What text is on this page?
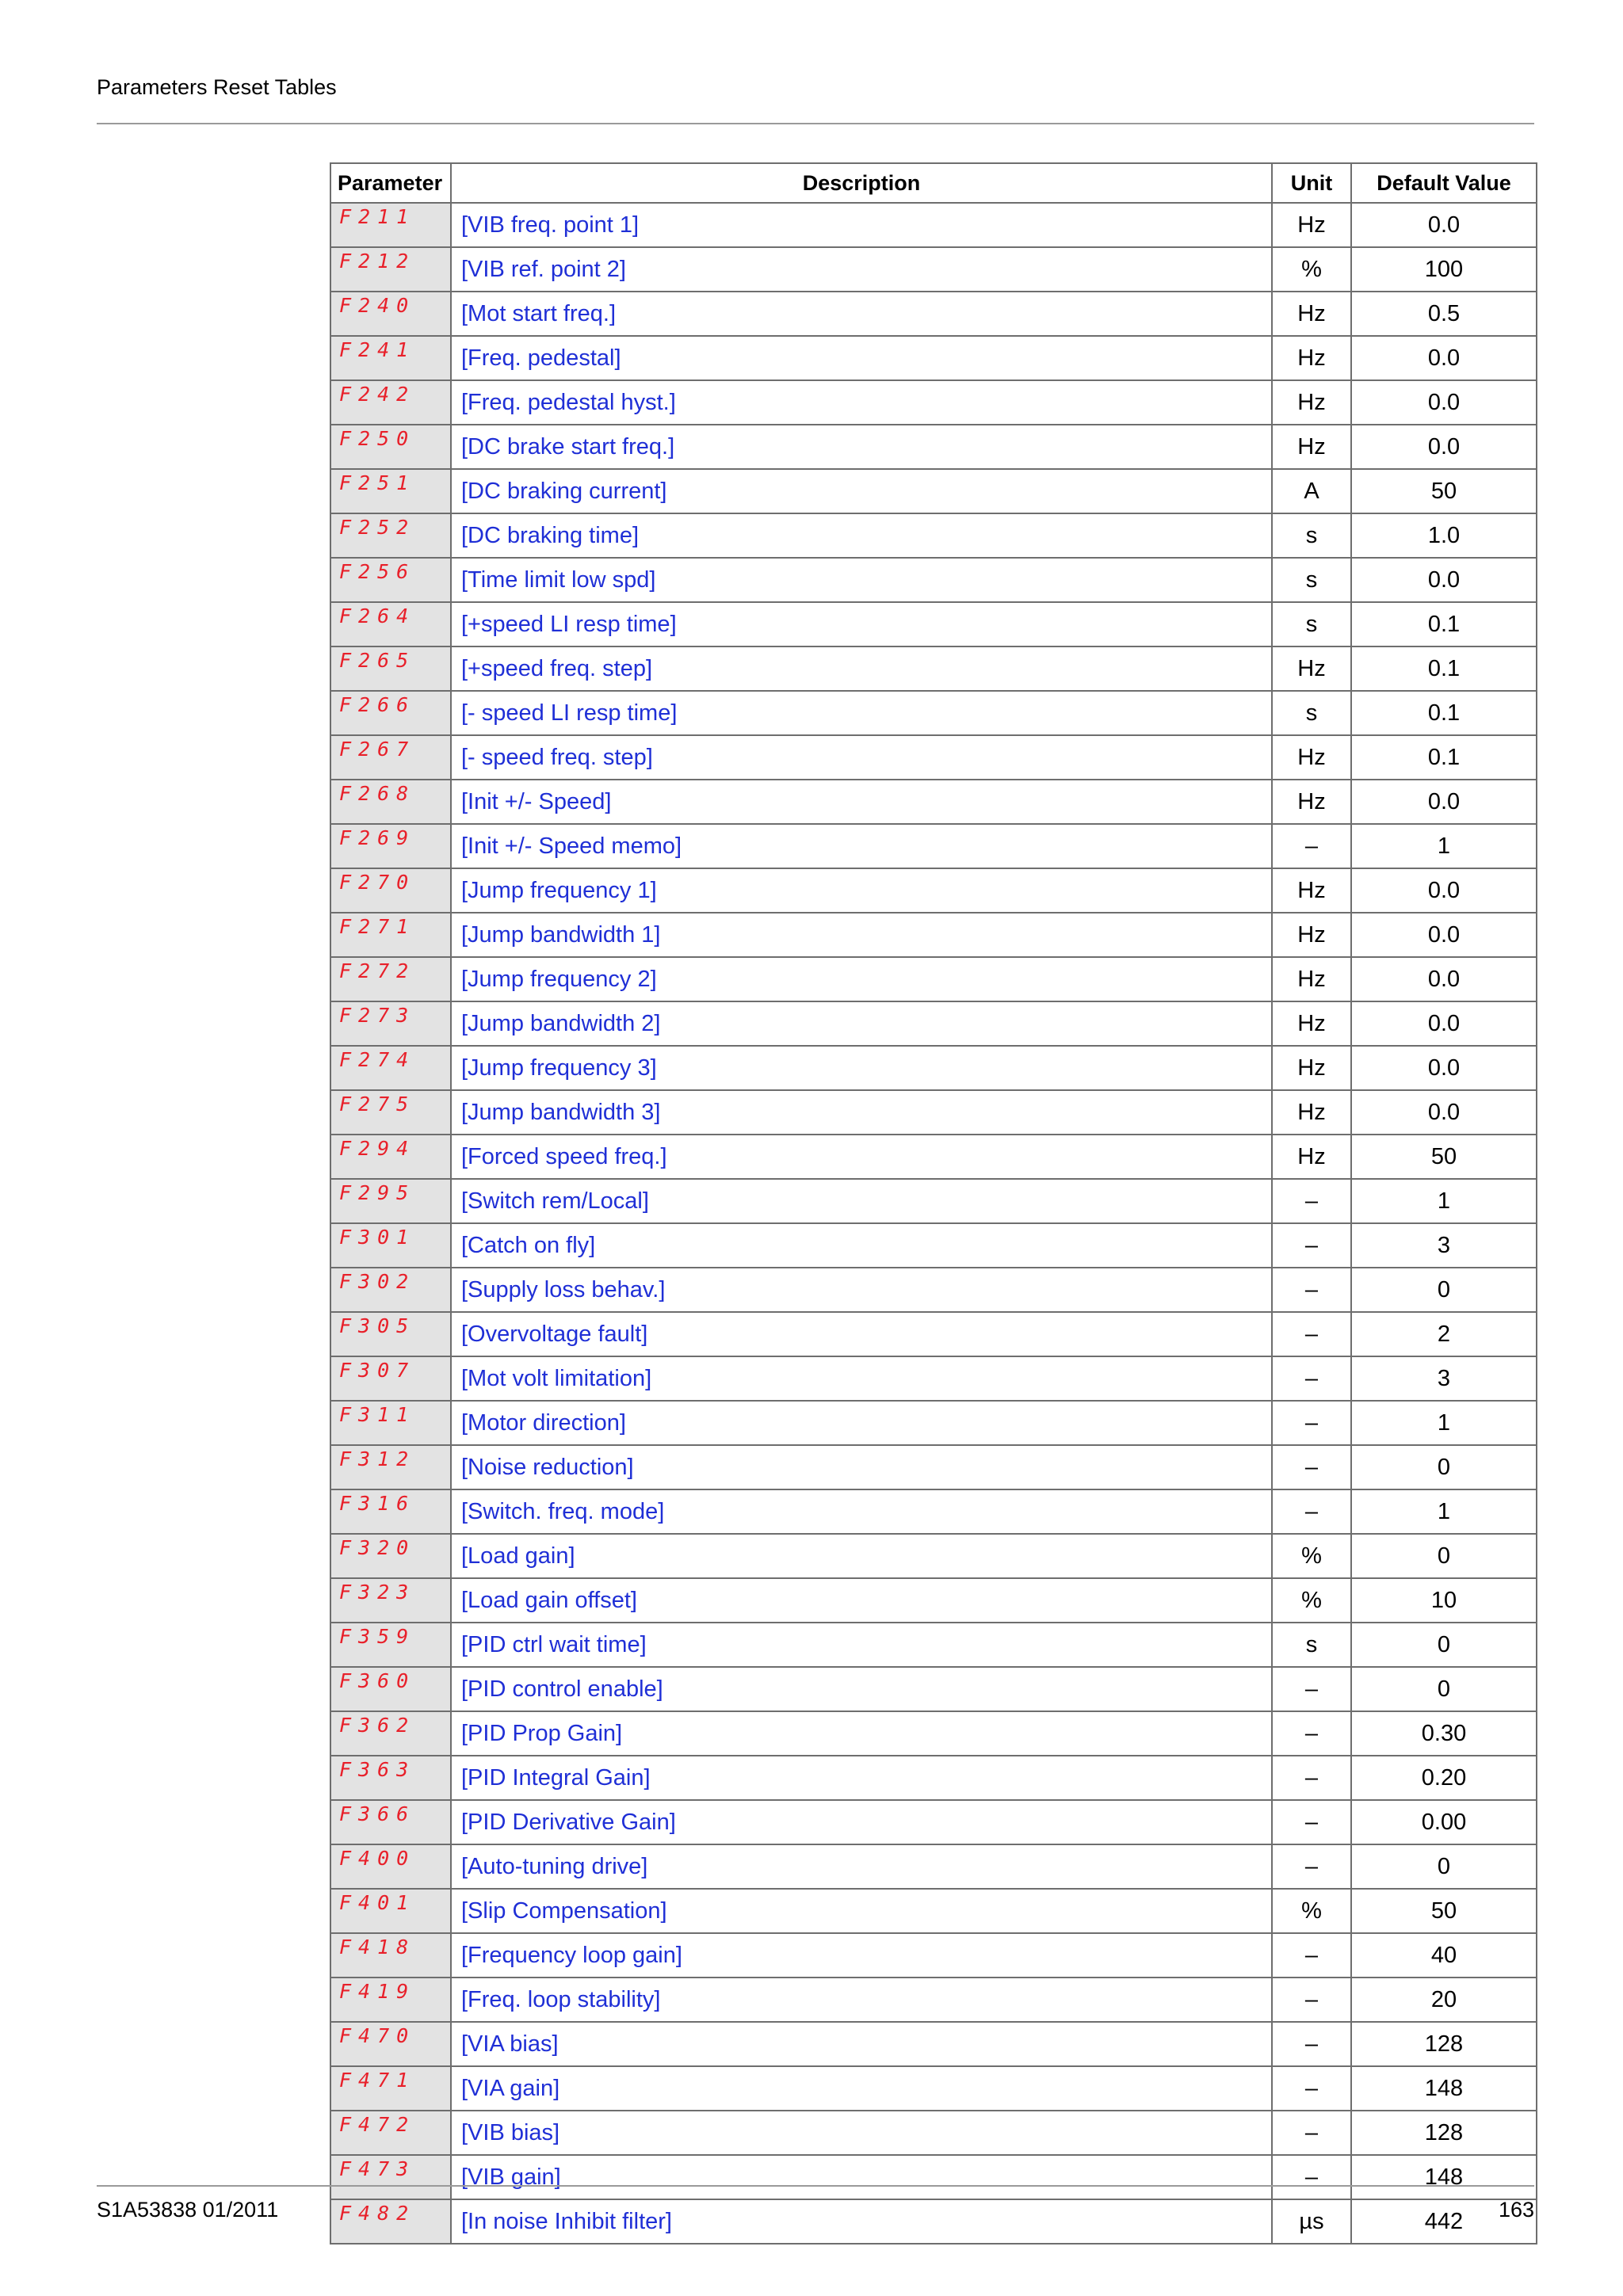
Parameters Reset Tables
Parameter	Description	Unit	Default Value
F211	[VIB freq. point 1]	Hz	0.0
F212	[VIB ref. point 2]	%	100
F240	[Mot start freq.]	Hz	0.5
F241	[Freq. pedestal]	Hz	0.0
F242	[Freq. pedestal hyst.]	Hz	0.0
F250	[DC brake start freq.]	Hz	0.0
F251	[DC braking current]	A	50
F252	[DC braking time]	s	1.0
F256	[Time limit low spd]	s	0.0
F264	[+speed LI resp time]	s	0.1
F265	[+speed freq. step]	Hz	0.1
F266	[- speed LI resp time]	s	0.1
F267	[- speed freq. step]	Hz	0.1
F268	[Init +/- Speed]	Hz	0.0
F269	[Init +/- Speed memo]	–	1
F270	[Jump frequency 1]	Hz	0.0
F271	[Jump bandwidth 1]	Hz	0.0
F272	[Jump frequency 2]	Hz	0.0
F273	[Jump bandwidth 2]	Hz	0.0
F274	[Jump frequency 3]	Hz	0.0
F275	[Jump bandwidth 3]	Hz	0.0
F294	[Forced speed freq.]	Hz	50
F295	[Switch rem/Local]	–	1
F301	[Catch on fly]	–	3
F302	[Supply loss behav.]	–	0
F305	[Overvoltage fault]	–	2
F307	[Mot volt limitation]	–	3
F311	[Motor direction]	–	1
F312	[Noise reduction]	–	0
F316	[Switch. freq. mode]	–	1
F320	[Load gain]	%	0
F323	[Load gain offset]	%	10
F359	[PID ctrl wait time]	s	0
F360	[PID control enable]	–	0
F362	[PID Prop Gain]	–	0.30
F363	[PID Integral Gain]	–	0.20
F366	[PID Derivative Gain]	–	0.00
F400	[Auto-tuning drive]	–	0
F401	[Slip Compensation]	%	50
F418	[Frequency loop gain]	–	40
F419	[Freq. loop stability]	–	20
F470	[VIA bias]	–	128
F471	[VIA gain]	–	148
F472	[VIB bias]	–	128
F473	[VIB gain]	–	148
F482	[In noise Inhibit filter]	µs	442
S1A53838 01/2011	163
